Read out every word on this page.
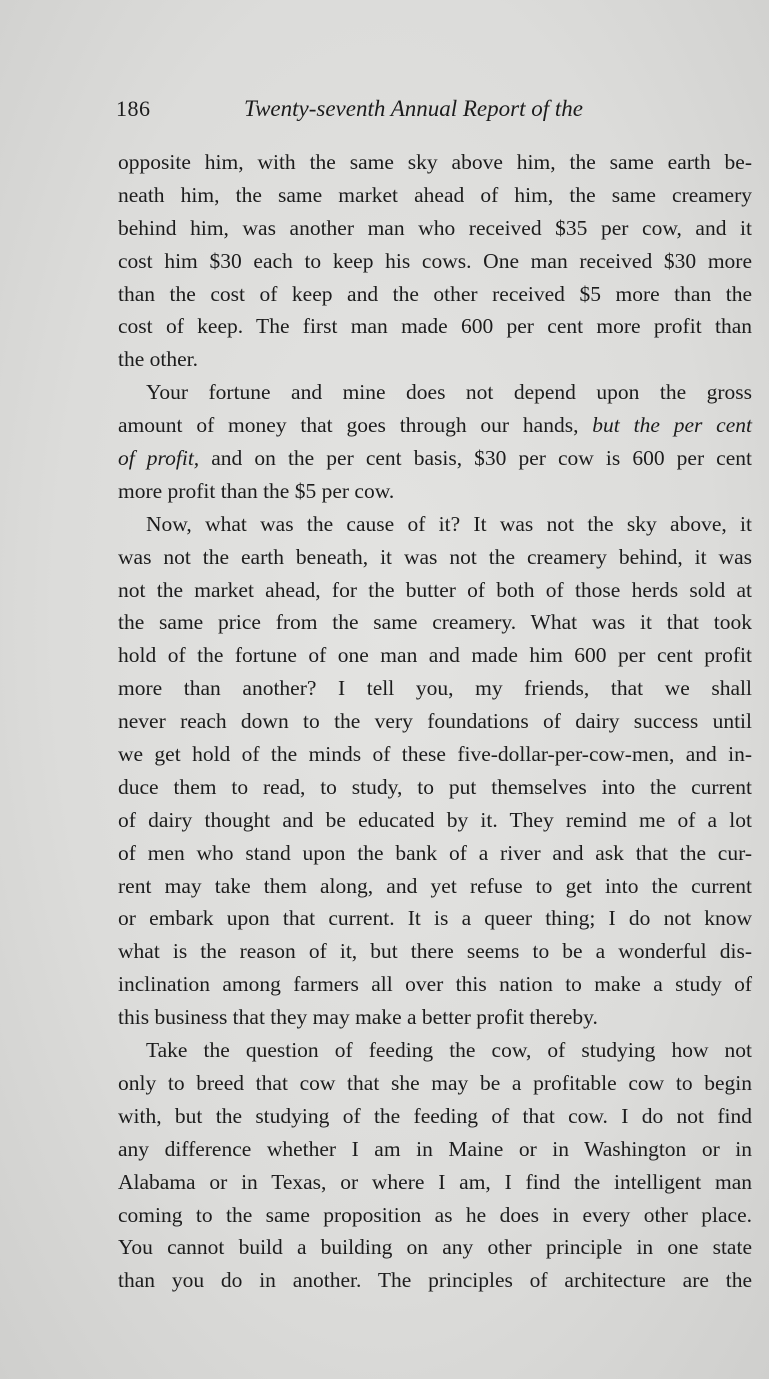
186	Twenty-seventh Annual Report of the
opposite him, with the same sky above him, the same earth be-
neath him, the same market ahead of him, the same creamery
behind him, was another man who received $35 per cow, and it
cost him $30 each to keep his cows. One man received $30 more
than the cost of keep and the other received $5 more than the
cost of keep. The first man made 600 per cent more profit than
the other.
Your fortune and mine does not depend upon the gross
amount of money that goes through our hands, but the per cent
of profit, and on the per cent basis, $30 per cow is 600 per cent
more profit than the $5 per cow.
Now, what was the cause of it? It was not the sky above, it
was not the earth beneath, it was not the creamery behind, it was
not the market ahead, for the butter of both of those herds sold at
the same price from the same creamery. What was it that took
hold of the fortune of one man and made him 600 per cent profit
more than another? I tell you, my friends, that we shall
never reach down to the very foundations of dairy success until
we get hold of the minds of these five-dollar-per-cow-men, and in-
duce them to read, to study, to put themselves into the current
of dairy thought and be educated by it. They remind me of a lot
of men who stand upon the bank of a river and ask that the cur-
rent may take them along, and yet refuse to get into the current
or embark upon that current. It is a queer thing; I do not know
what is the reason of it, but there seems to be a wonderful dis-
inclination among farmers all over this nation to make a study of
this business that they may make a better profit thereby.
Take the question of feeding the cow, of studying how not
only to breed that cow that she may be a profitable cow to begin
with, but the studying of the feeding of that cow. I do not find
any difference whether I am in Maine or in Washington or in
Alabama or in Texas, or where I am, I find the intelligent man
coming to the same proposition as he does in every other place.
You cannot build a building on any other principle in one state
than you do in another. The principles of architecture are the
